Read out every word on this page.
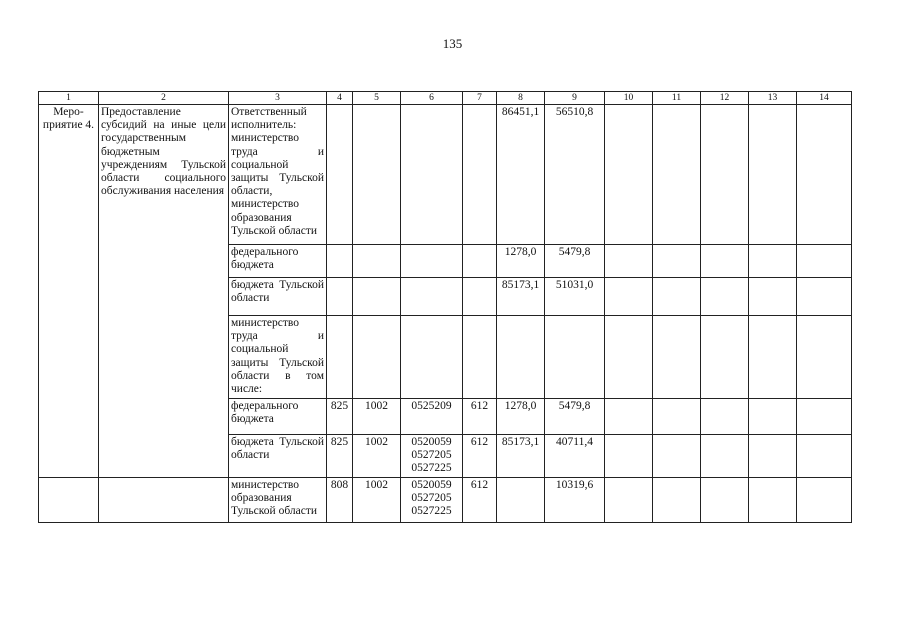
135
1	2	3	4	5	6	7	8	9	10	11	12	13	14

Меро-
приятие 4.	Предоставление субсидий на иные цели государственным бюджетным учреждениям Тульской области социального обслуживания населения	Ответственный исполнитель: министерство труда и социальной защиты Тульской области, министерство образования Тульской области					86451,1	56510,8					
		федерального бюджета					1278,0	5479,8					
		бюджета Тульской области					85173,1	51031,0					
		министерство труда и социальной защиты Тульской области в том числе:											
		федерального бюджета	825	1002	0525209	612	1278,0	5479,8					
		бюджета Тульской области	825	1002	0520059
0527205
0527225	612	85173,1	40711,4					
		министерство образования Тульской области	808	1002	0520059
0527205
0527225	612		10319,6					
